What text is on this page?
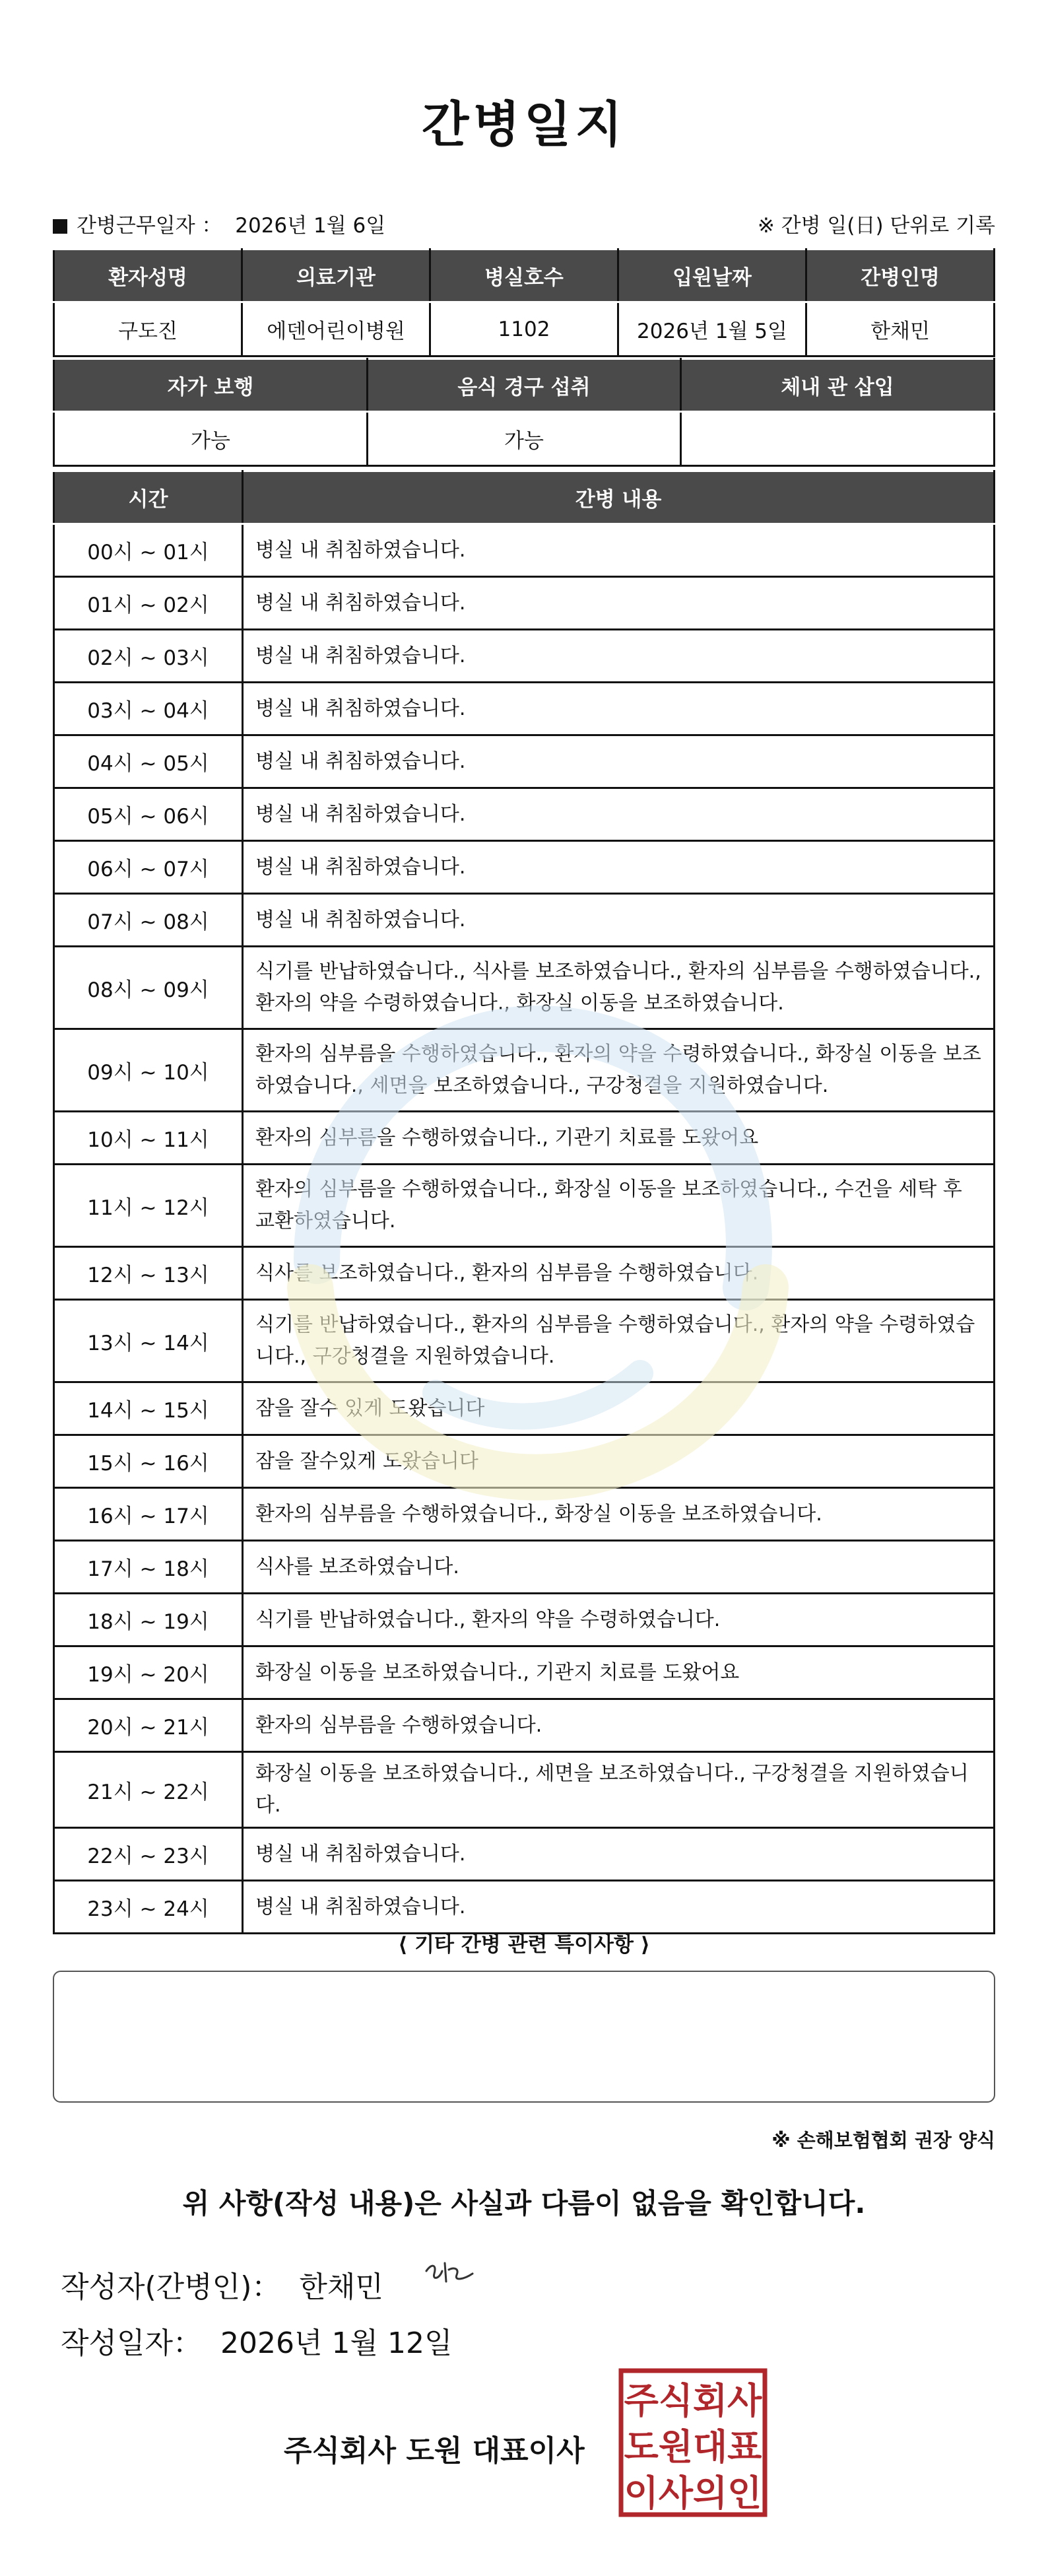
간병일지
간병근무일자 ： 2026년 1월 6일	※ 간병 일(日) 단위로 기록
환자성명	의료기관	병실호수	입원날짜	간병인명
구도진	에덴어린이병원	1102	2026년 1월 5일	한채민
자가 보행	음식 경구 섭취	체내 관 삽입
가능	가능	
시간	간병 내용
00시 ~ 01시	병실 내 취침하였습니다.
01시 ~ 02시	병실 내 취침하였습니다.
02시 ~ 03시	병실 내 취침하였습니다.
03시 ~ 04시	병실 내 취침하였습니다.
04시 ~ 05시	병실 내 취침하였습니다.
05시 ~ 06시	병실 내 취침하였습니다.
06시 ~ 07시	병실 내 취침하였습니다.
07시 ~ 08시	병실 내 취침하였습니다.
08시 ~ 09시	식기를 반납하였습니다., 식사를 보조하였습니다., 환자의 심부름을 수행하였습니다., 환자의 약을 수령하였습니다., 화장실 이동을 보조하였습니다.
09시 ~ 10시	환자의 심부름을 수행하였습니다., 환자의 약을 수령하였습니다., 화장실 이동을 보조하였습니다., 세면을 보조하였습니다., 구강청결을 지원하였습니다.
10시 ~ 11시	환자의 심부름을 수행하였습니다., 기관기 치료를 도왔어요
11시 ~ 12시	환자의 심부름을 수행하였습니다., 화장실 이동을 보조하였습니다., 수건을 세탁 후 교환하였습니다.
12시 ~ 13시	식사를 보조하였습니다., 환자의 심부름을 수행하였습니다.
13시 ~ 14시	식기를 반납하였습니다., 환자의 심부름을 수행하였습니다., 환자의 약을 수령하였습니다., 구강청결을 지원하였습니다.
14시 ~ 15시	잠을 잘수 있게 도왔습니다
15시 ~ 16시	잠을 잘수있게 도왔습니다
16시 ~ 17시	환자의 심부름을 수행하였습니다., 화장실 이동을 보조하였습니다.
17시 ~ 18시	식사를 보조하였습니다.
18시 ~ 19시	식기를 반납하였습니다., 환자의 약을 수령하였습니다.
19시 ~ 20시	화장실 이동을 보조하였습니다., 기관지 치료를 도왔어요
20시 ~ 21시	환자의 심부름을 수행하였습니다.
21시 ~ 22시	화장실 이동을 보조하였습니다., 세면을 보조하였습니다., 구강청결을 지원하였습니다.
22시 ~ 23시	병실 내 취침하였습니다.
23시 ~ 24시	병실 내 취침하였습니다.
⟨ 기타 간병 관련 특이사항 ⟩
※ 손해보험협회 권장 양식
위 사항(작성 내용)은 사실과 다름이 없음을 확인합니다.
작성자(간병인)： 한채민
작성일자： 2026년 1월 12일
주식회사 도원 대표이사
주식회사
도원대표
이사의인
